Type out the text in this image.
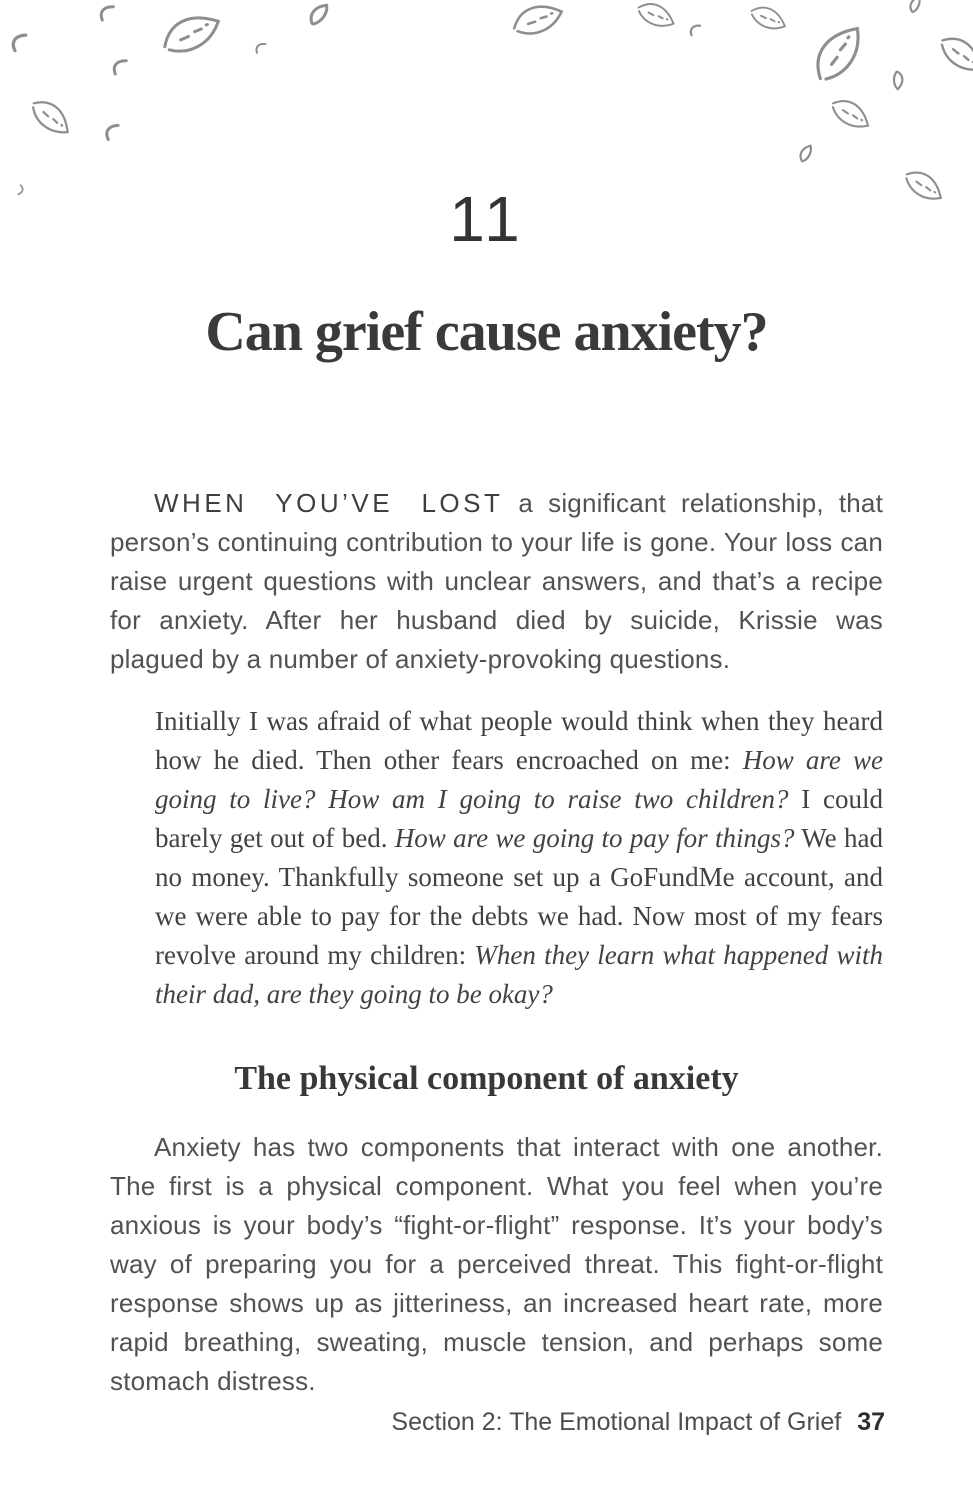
11
Can grief cause anxiety?

WHEN YOU’VE LOST a significant relationship, that person’s continuing contribution to your life is gone. Your loss can raise urgent questions with unclear answers, and that’s a recipe for anxiety. After her husband died by suicide, Krissie was plagued by a number of anxiety-provoking questions.

Initially I was afraid of what people would think when they heard how he died. Then other fears encroached on me: How are we going to live? How am I going to raise two children? I could barely get out of bed. How are we going to pay for things? We had no money. Thankfully someone set up a GoFundMe account, and we were able to pay for the debts we had. Now most of my fears revolve around my children: When they learn what happened with their dad, are they going to be okay?
The physical component of anxiety

Anxiety has two components that interact with one another. The first is a physical component. What you feel when you’re anxious is your body’s “fight-or-flight” response. It’s your body’s way of preparing you for a perceived threat. This fight-or-flight response shows up as jitteriness, an increased heart rate, more rapid breathing, sweating, muscle tension, and perhaps some stomach distress.

Section 2: The Emotional Impact of Grief 37
